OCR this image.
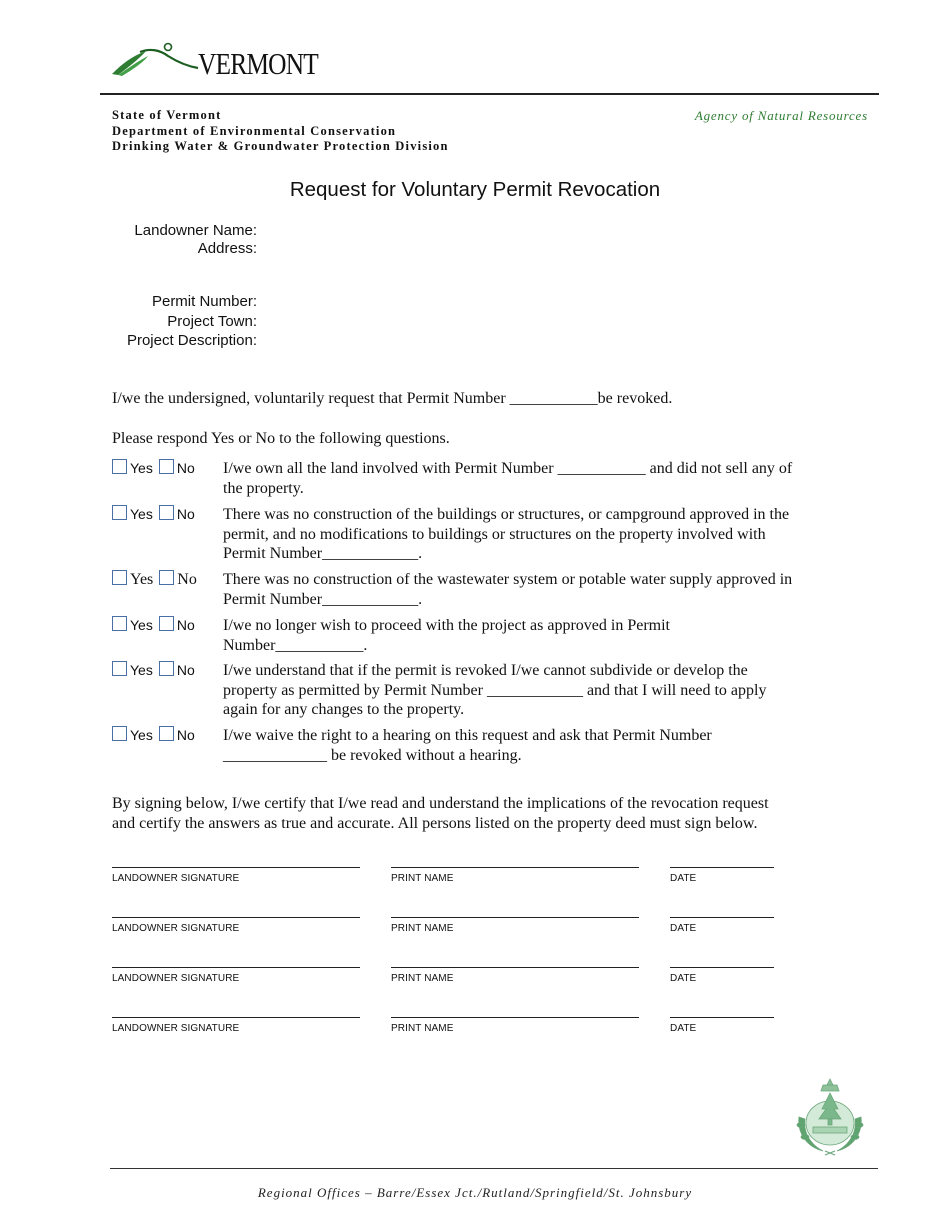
VERMONT
State of Vermont
Department of Environmental Conservation
Drinking Water & Groundwater Protection Division
Agency of Natural Resources
Request for Voluntary Permit Revocation
Landowner Name:
Address:
Permit Number:
Project Town:
Project Description:
I/we the undersigned, voluntarily request that Permit Number ___________be revoked.
Please respond Yes or No to the following questions.
Yes No	I/we own all the land involved with Permit Number ___________ and did not sell any of
the property.
Yes No	There was no construction of the buildings or structures, or campground approved in the
permit, and no modifications to buildings or structures on the property involved with
Permit Number____________.
Yes No	There was no construction of the wastewater system or potable water supply approved in
Permit Number____________.
Yes No	I/we no longer wish to proceed with the project as approved in Permit
Number___________.
Yes No	I/we understand that if the permit is revoked I/we cannot subdivide or develop the
property as permitted by Permit Number ____________ and that I will need to apply
again for any changes to the property.
Yes No	I/we waive the right to a hearing on this request and ask that Permit Number
_____________ be revoked without a hearing.
By signing below, I/we certify that I/we read and understand the implications of the revocation request
and certify the answers as true and accurate. All persons listed on the property deed must sign below.
LANDOWNER SIGNATURE	PRINT NAME	DATE
LANDOWNER SIGNATURE	PRINT NAME	DATE
LANDOWNER SIGNATURE	PRINT NAME	DATE
LANDOWNER SIGNATURE	PRINT NAME	DATE
Regional Offices – Barre/Essex Jct./Rutland/Springfield/St. Johnsbury
